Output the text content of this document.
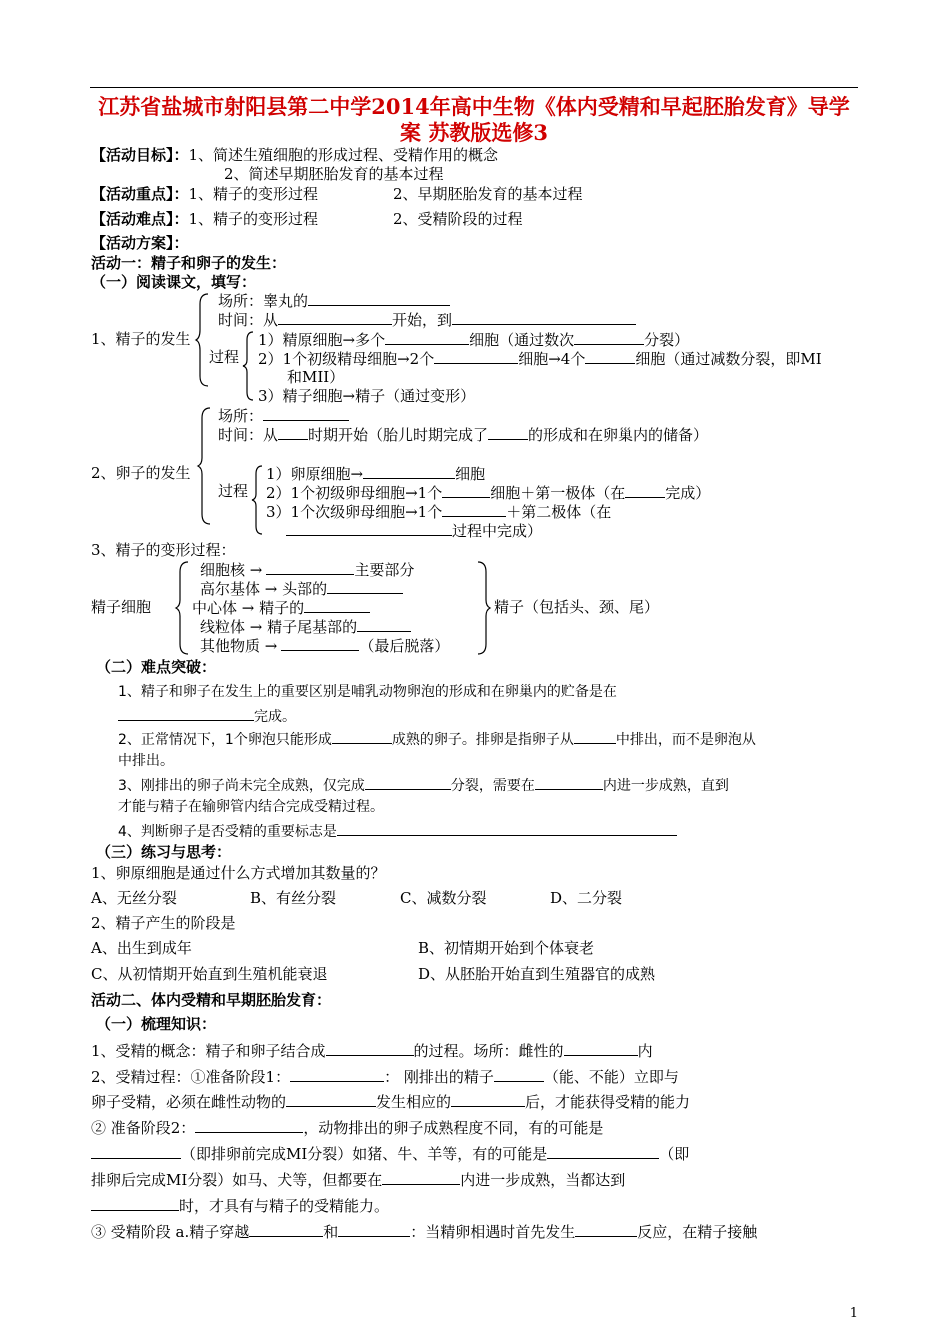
江苏省盐城市射阳县第二中学2014年高中生物《体内受精和早起胚胎发育》导学案 苏教版选修3
【活动目标】：1、简述生殖细胞的形成过程、受精作用的概念
2、简述早期胚胎发育的基本过程
【活动重点】：1、精子的变形过程	2、早期胚胎发育的基本过程
【活动难点】：1、精子的变形过程	2、受精阶段的过程
【活动方案】：
活动一：精子和卵子的发生：
（一）阅读课文，填写：
1、精子的发生
场所：睾丸的
时间：从	开始，到
过程
1）精原细胞→多个	细胞（通过数次	分裂）
2）1个初级精母细胞→2个	细胞→4个	细胞（通过减数分裂，即MI
和MII）
3）精子细胞→精子（通过变形）
2、卵子的发生
场所：
时间：从 时期开始（胎儿时期完成了	的形成和在卵巢内的储备）
过程
1）卵原细胞→	细胞
2）1个初级卵母细胞→1个	细胞＋第一极体（在	完成）
3）1个次级卵母细胞→1个	＋第二极体（在
过程中完成）
3、精子的变形过程：
精子细胞
细胞核 →	主要部分
高尔基体 → 头部的
中心体 → 精子的
线粒体 → 精子尾基部的
其他物质 →	（最后脱落）
精子（包括头、颈、尾）
（二）难点突破：
1、精子和卵子在发生上的重要区别是哺乳动物卵泡的形成和在卵巢内的贮备是在
完成。
2、正常情况下，1个卵泡只能形成	成熟的卵子。排卵是指卵子从	中排出，而不是卵泡从
中排出。
3、刚排出的卵子尚未完全成熟，仅完成	分裂，需要在	内进一步成熟，直到
才能与精子在输卵管内结合完成受精过程。
4、判断卵子是否受精的重要标志是
（三）练习与思考：
1、卵原细胞是通过什么方式增加其数量的？
A、无丝分裂	B、有丝分裂	C、减数分裂	D、二分裂
2、精子产生的阶段是
A、出生到成年	B、初情期开始到个体衰老
C、从初情期开始直到生殖机能衰退	D、从胚胎开始直到生殖器官的成熟
活动二、体内受精和早期胚胎发育：
（一）梳理知识：
1、受精的概念：精子和卵子结合成	的过程。场所：雌性的	内
2、受精过程：①准备阶段1：	： 刚排出的精子	（能、不能）立即与
卵子受精，必须在雌性动物的	发生相应的	后，才能获得受精的能力
② 准备阶段2：	，动物排出的卵子成熟程度不同，有的可能是
（即排卵前完成MⅠ分裂）如猪、牛、羊等，有的可能是	（即
排卵后完成MⅠ分裂）如马、犬等，但都要在	内进一步成熟，当都达到
时，才具有与精子的受精能力。
③ 受精阶段 a.精子穿越	和	：当精卵相遇时首先发生	反应，在精子接触
1
